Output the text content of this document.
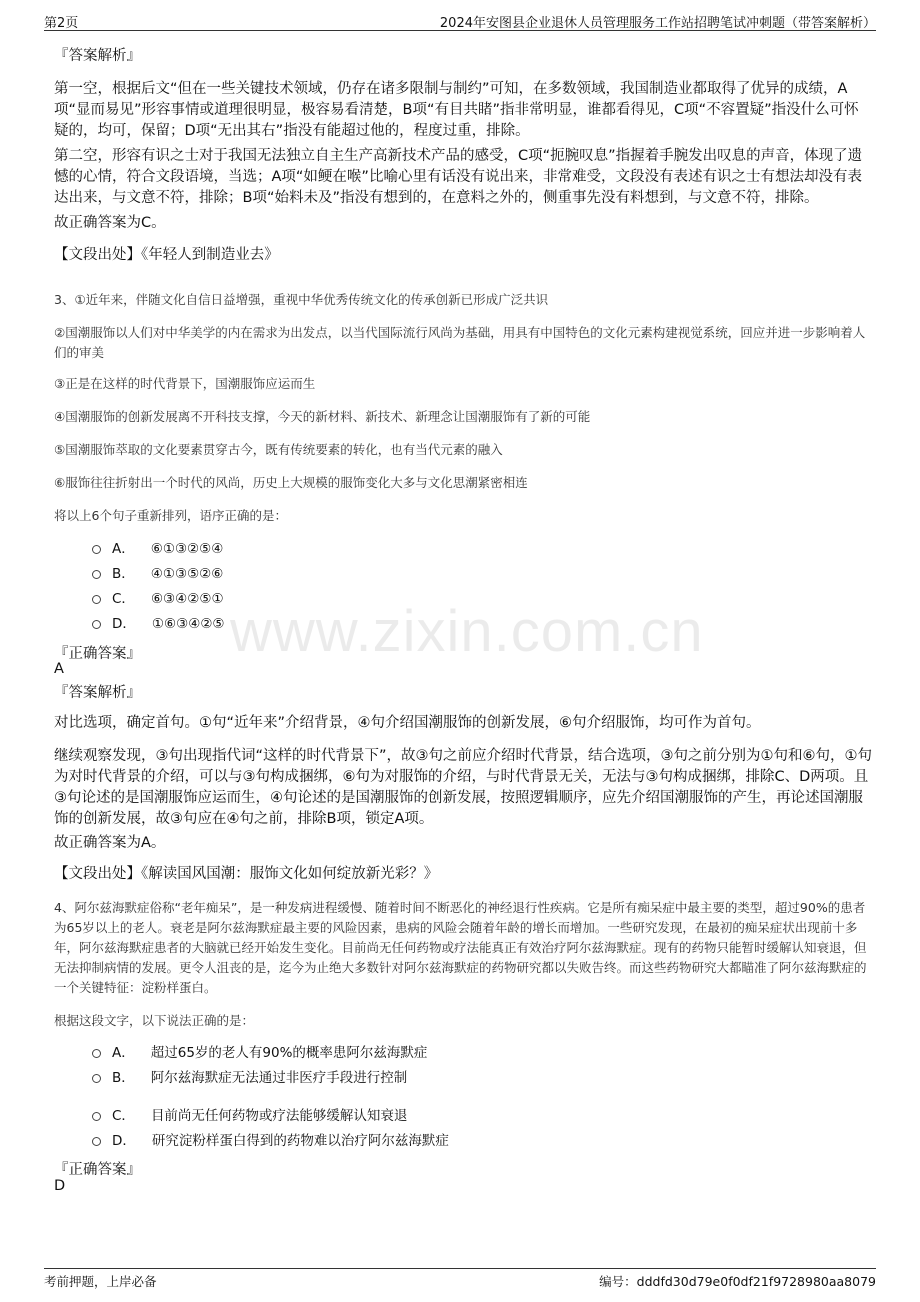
第2页	2024年安图县企业退休人员管理服务工作站招聘笔试冲刺题（带答案解析）
www.zixin.com.cn
『答案解析』
第一空，根据后文“但在一些关键技术领域，仍存在诸多限制与制约”可知，在多数领域，我国制造业都取得了优异的成绩，A项“显而易见”形容事情或道理很明显，极容易看清楚，B项“有目共睹”指非常明显，谁都看得见，C项“不容置疑”指没什么可怀疑的，均可，保留；D项“无出其右”指没有能超过他的，程度过重，排除。
第二空，形容有识之士对于我国无法独立自主生产高新技术产品的感受，C项“扼腕叹息”指握着手腕发出叹息的声音，体现了遗憾的心情，符合文段语境，当选；A项“如鲠在喉”比喻心里有话没有说出来，非常难受，文段没有表述有识之士有想法却没有表达出来，与文意不符，排除；B项“始料未及”指没有想到的，在意料之外的，侧重事先没有料想到，与文意不符，排除。
故正确答案为C。
【文段出处】《年轻人到制造业去》
3、①近年来，伴随文化自信日益增强，重视中华优秀传统文化的传承创新已形成广泛共识
②国潮服饰以人们对中华美学的内在需求为出发点，以当代国际流行风尚为基础，用具有中国特色的文化元素构建视觉系统，回应并进一步影响着人们的审美
③正是在这样的时代背景下，国潮服饰应运而生
④国潮服饰的创新发展离不开科技支撑，今天的新材料、新技术、新理念让国潮服饰有了新的可能
⑤国潮服饰萃取的文化要素贯穿古今，既有传统要素的转化，也有当代元素的融入
⑥服饰往往折射出一个时代的风尚，历史上大规模的服饰变化大多与文化思潮紧密相连
将以上6个句子重新排列，语序正确的是：
A． ⑥①③②⑤④
B． ④①③⑤②⑥
C． ⑥③④②⑤①
D． ①⑥③④②⑤
『正确答案』
A
『答案解析』
对比选项，确定首句。①句“近年来”介绍背景，④句介绍国潮服饰的创新发展，⑥句介绍服饰，均可作为首句。
继续观察发现，③句出现指代词“这样的时代背景下”，故③句之前应介绍时代背景，结合选项，③句之前分别为①句和⑥句，①句为对时代背景的介绍，可以与③句构成捆绑，⑥句为对服饰的介绍，与时代背景无关，无法与③句构成捆绑，排除C、D两项。且③句论述的是国潮服饰应运而生，④句论述的是国潮服饰的创新发展，按照逻辑顺序，应先介绍国潮服饰的产生，再论述国潮服饰的创新发展，故③句应在④句之前，排除B项，锁定A项。
故正确答案为A。
【文段出处】《解读国风国潮：服饰文化如何绽放新光彩？》
4、阿尔兹海默症俗称“老年痴呆”，是一种发病进程缓慢、随着时间不断恶化的神经退行性疾病。它是所有痴呆症中最主要的类型，超过90%的患者为65岁以上的老人。衰老是阿尔兹海默症最主要的风险因素，患病的风险会随着年龄的增长而增加。一些研究发现，在最初的痴呆症状出现前十多年，阿尔兹海默症患者的大脑就已经开始发生变化。目前尚无任何药物或疗法能真正有效治疗阿尔兹海默症。现有的药物只能暂时缓解认知衰退，但无法抑制病情的发展。更令人沮丧的是，迄今为止绝大多数针对阿尔兹海默症的药物研究都以失败告终。而这些药物研究大都瞄准了阿尔兹海默症的一个关键特征：淀粉样蛋白。
根据这段文字，以下说法正确的是：
A． 超过65岁的老人有90%的概率患阿尔兹海默症
B． 阿尔兹海默症无法通过非医疗手段进行控制
C． 目前尚无任何药物或疗法能够缓解认知衰退
D． 研究淀粉样蛋白得到的药物难以治疗阿尔兹海默症
『正确答案』
D
考前押题，上岸必备	编号：dddfd30d79e0f0df21f9728980aa8079
